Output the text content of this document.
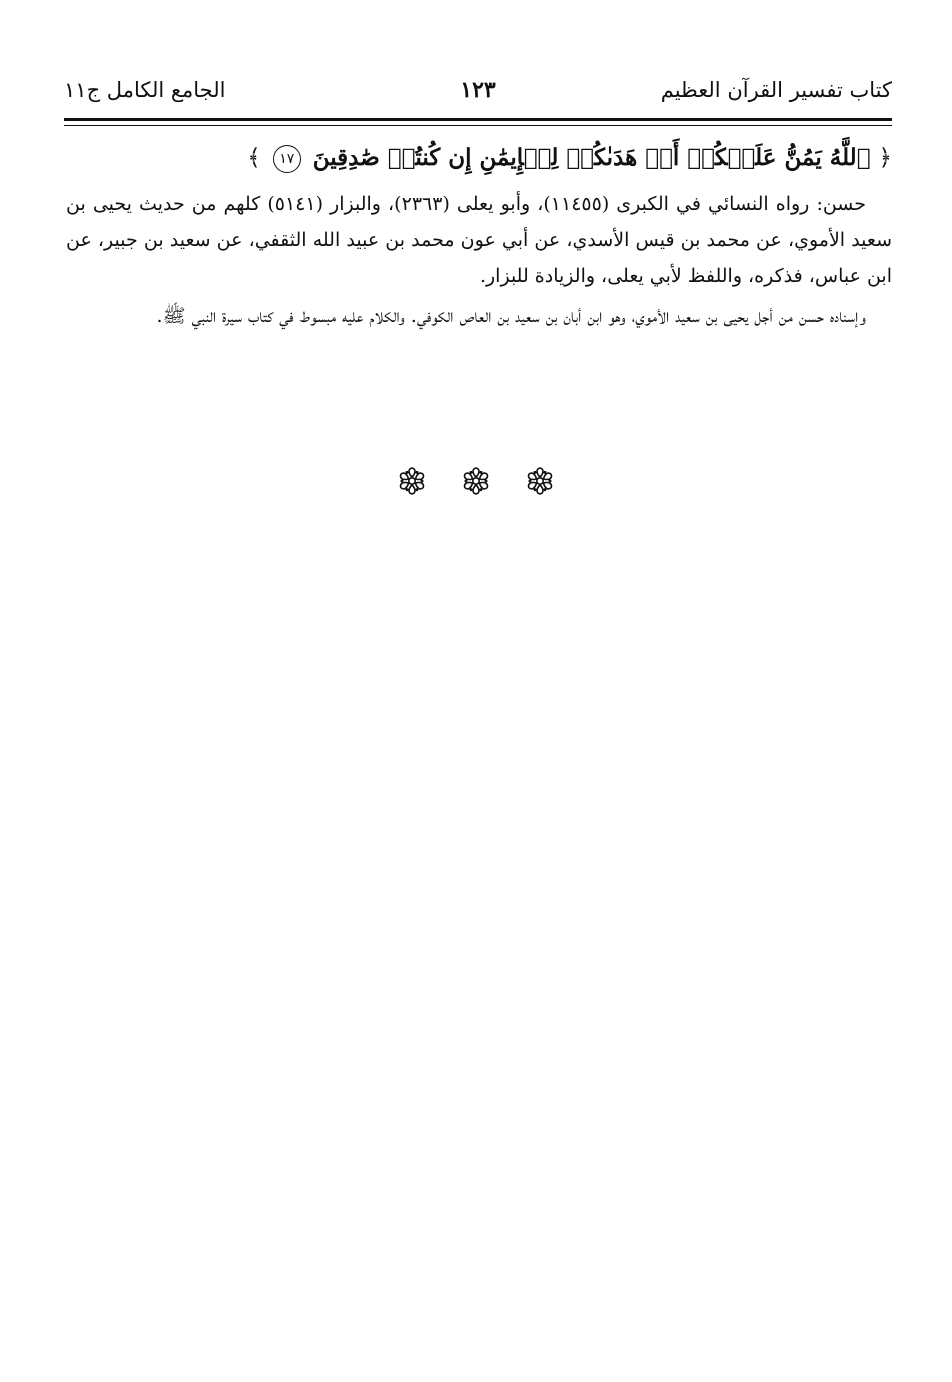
كتاب تفسير القرآن العظيم
١٢٣
الجامع الكامل ج١١

﴿ ٱللَّهُ يَمُنُّ عَلَيۡكُمۡ أَنۡ هَدَىٰكُمۡ لِلۡإِيمَٰنِ إِن كُنتُمۡ صَٰدِقِينَ ١٧ ﴾

حسن: رواه النسائي في الكبرى (١١٤٥٥)، وأبو يعلى (٢٣٦٣)، والبزار (٥١٤١) كلهم من حديث يحيى بن سعيد الأموي، عن محمد بن قيس الأسدي، عن أبي عون محمد بن عبيد الله الثقفي، عن سعيد بن جبير، عن ابن عباس، فذكره، واللفظ لأبي يعلى، والزيادة للبزار.

وإسناده حسن من أجل يحيى بن سعيد الأموي، وهو ابن أبان بن سعيد بن العاص الكوفي. والكلام عليه مبسوط في كتاب سيرة النبي ﷺ.
